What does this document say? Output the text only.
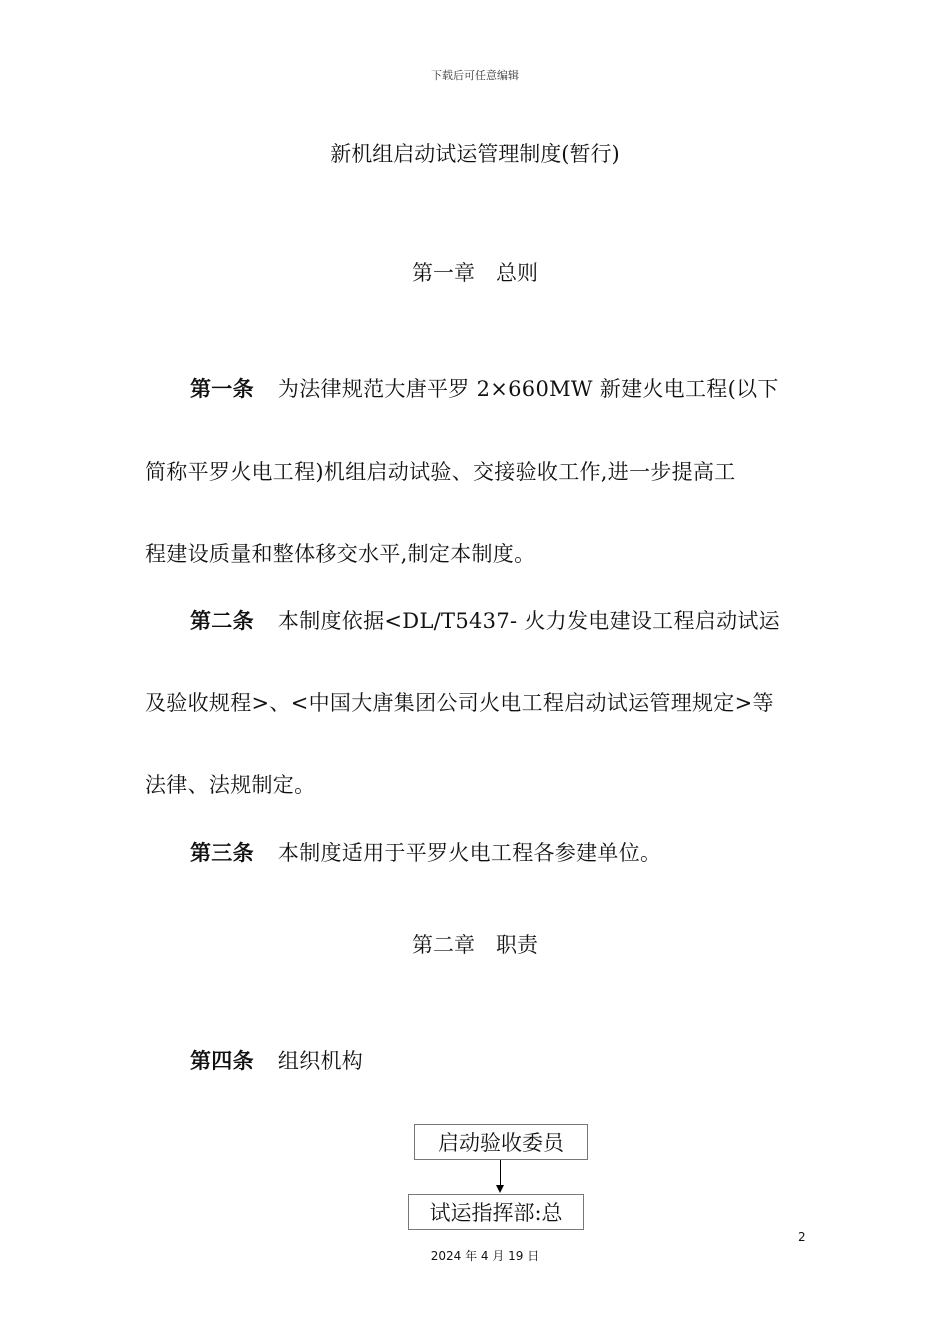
下载后可任意编辑
新机组启动试运管理制度(暂行)
第一章　总则
第一条 为法律规范大唐平罗 2×660MW 新建火电工程(以下
简称平罗火电工程)机组启动试验、交接验收工作,进一步提高工
程建设质量和整体移交水平,制定本制度。
第二条 本制度依据<DL/T5437- 火力发电建设工程启动试运
及验收规程>、<中国大唐集团公司火电工程启动试运管理规定>等
法律、法规制定。
第三条 本制度适用于平罗火电工程各参建单位。
第二章　职责
第四条 组织机构
启动验收委员
试运指挥部:总
2
2024 年 4 月 19 日
